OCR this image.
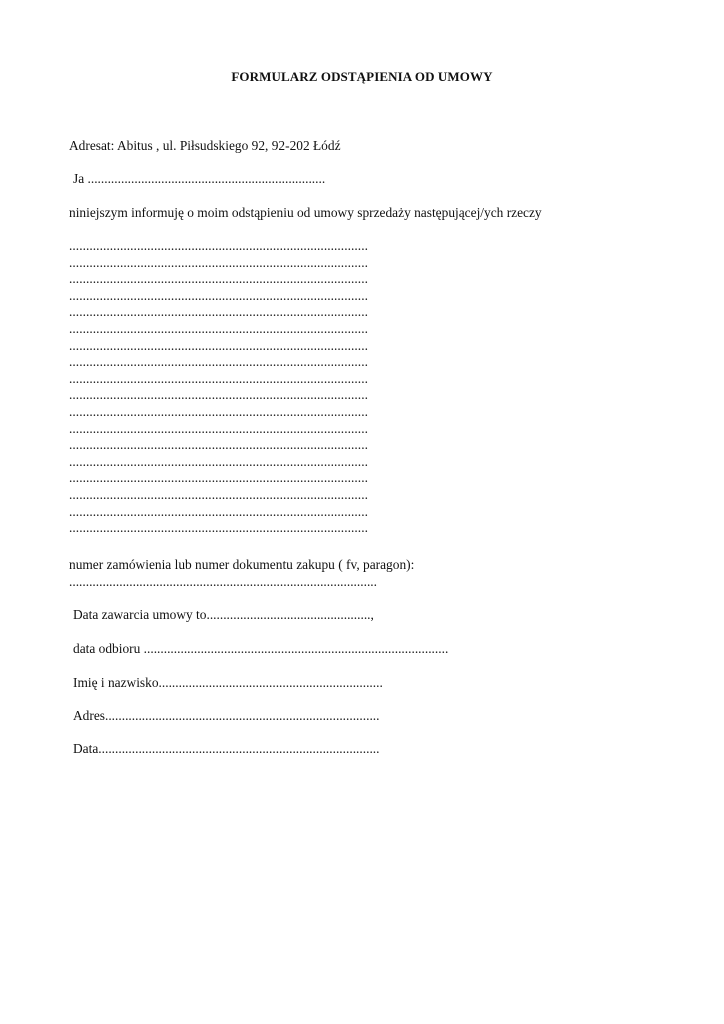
FORMULARZ ODSTĄPIENIA OD UMOWY
Adresat: Abitus , ul. Piłsudskiego 92, 92-202 Łódź
Ja .......................................................................
niniejszym informuję o moim odstąpieniu od umowy sprzedaży następującej/ych rzeczy
........................................................................................
........................................................................................
........................................................................................
........................................................................................
........................................................................................
........................................................................................
........................................................................................
........................................................................................
........................................................................................
........................................................................................
........................................................................................
........................................................................................
........................................................................................
........................................................................................
........................................................................................
........................................................................................
........................................................................................
........................................................................................
numer zamówienia lub numer dokumentu zakupu ( fv, paragon):
............................................................................................
Data zawarcia umowy to.................................................,
data odbioru ...........................................................................................
Imię i nazwisko...................................................................
Adres..................................................................................
Data....................................................................................
